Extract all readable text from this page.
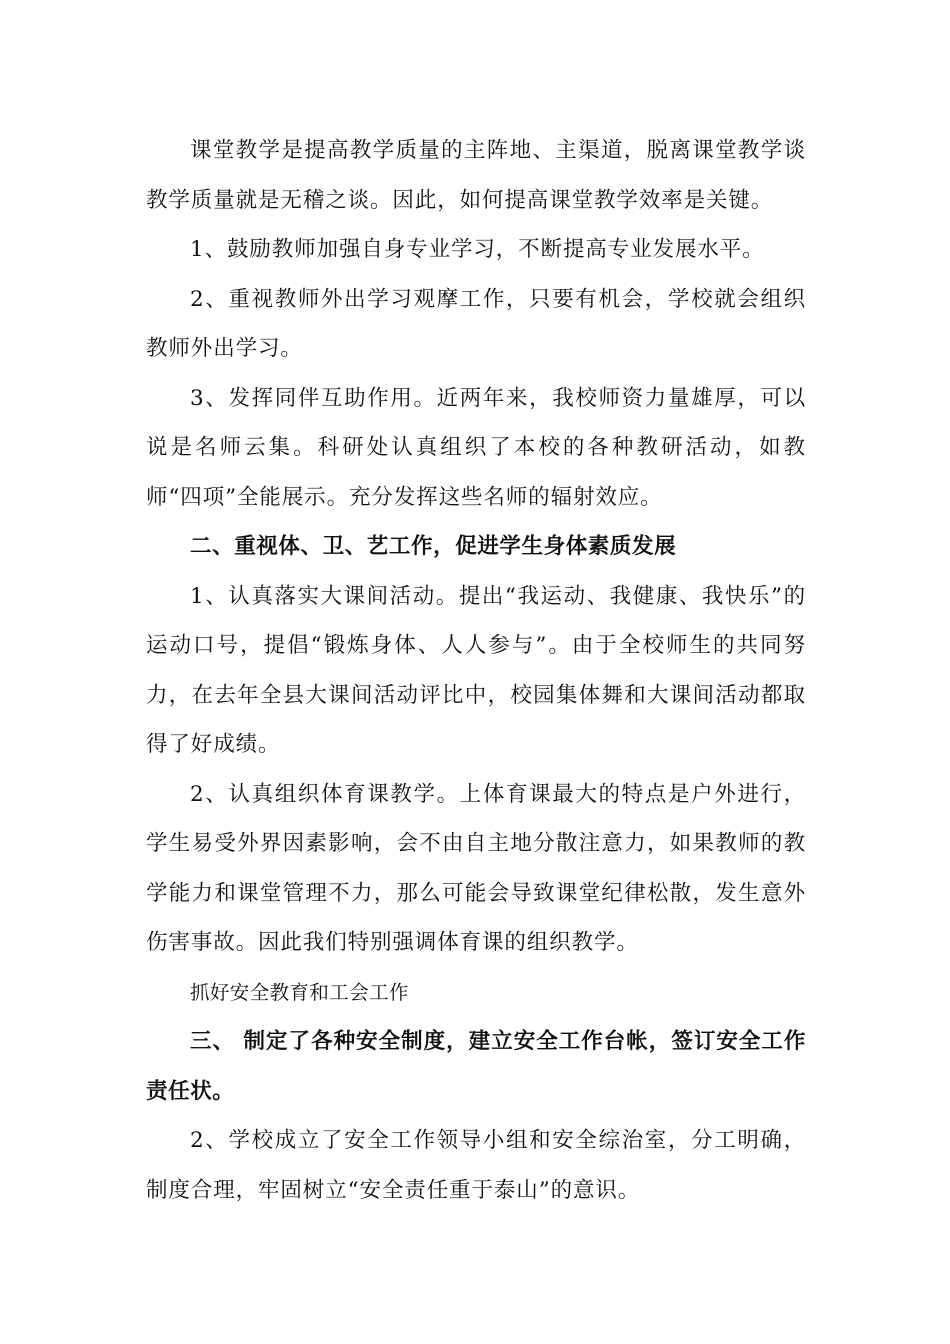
课堂教学是提高教学质量的主阵地、主渠道，脱离课堂教学谈教学质量就是无稽之谈。因此，如何提高课堂教学效率是关键。

1、鼓励教师加强自身专业学习，不断提高专业发展水平。

2、重视教师外出学习观摩工作，只要有机会，学校就会组织教师外出学习。

3、发挥同伴互助作用。近两年来，我校师资力量雄厚，可以说是名师云集。科研处认真组织了本校的各种教研活动，如教师“四项”全能展示。充分发挥这些名师的辐射效应。

二、重视体、卫、艺工作，促进学生身体素质发展

1、认真落实大课间活动。提出“我运动、我健康、我快乐”的运动口号，提倡“锻炼身体、人人参与”。由于全校师生的共同努力，在去年全县大课间活动评比中，校园集体舞和大课间活动都取得了好成绩。

2、认真组织体育课教学。上体育课最大的特点是户外进行，学生易受外界因素影响，会不由自主地分散注意力，如果教师的教学能力和课堂管理不力，那么可能会导致课堂纪律松散，发生意外伤害事故。因此我们特别强调体育课的组织教学。

抓好安全教育和工会工作

三、 制定了各种安全制度，建立安全工作台帐，签订安全工作责任状。

2、学校成立了安全工作领导小组和安全综治室，分工明确，制度合理，牢固树立“安全责任重于泰山”的意识。
